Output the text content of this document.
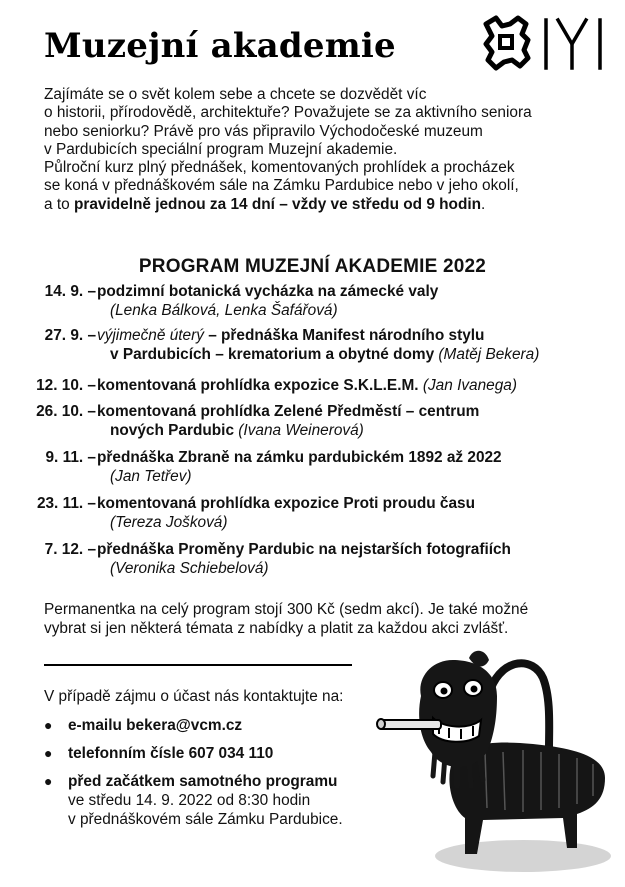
Muzejní akademie

Zajímáte se o svět kolem sebe a chcete se dozvědět víc

o historii, přírodovědě, architektuře? Považujete se za aktivního seniora

nebo seniorku? Právě pro vás připravilo Východočeské muzeum

v Pardubicích speciální program Muzejní akademie.

Půlroční kurz plný přednášek, komentovaných prohlídek a procházek

se koná v přednáškovém sále na Zámku Pardubice nebo v jeho okolí,

a to pravidelně jednou za 14 dní – vždy ve středu od 9 hodin.

PROGRAM MUZEJNÍ AKADEMIE 2022
14. 9. – podzimní botanická vycházka na zámecké valy
(Lenka Bálková, Lenka Šafářová)
27. 9. – výjimečně úterý – přednáška Manifest národního stylu
v Pardubicích – krematorium a obytné domy (Matěj Bekera)
12. 10. – komentovaná prohlídka expozice S.K.L.E.M. (Jan Ivanega)
26. 10. – komentovaná prohlídka Zelené Předměstí – centrum
nových Pardubic (Ivana Weinerová)
9. 11. – přednáška Zbraně na zámku pardubickém 1892 až 2022
(Jan Tetřev)
23. 11. – komentovaná prohlídka expozice Proti proudu času
(Tereza Jošková)
7. 12. – přednáška Proměny Pardubic na nejstarších fotografiích
(Veronika Schiebelová)

Permanentka na celý program stojí 300 Kč (sedm akcí). Je také možné

vybrat si jen některá témata z nabídky a platit za každou akci zvlášť.

V případě zájmu o účast nás kontaktujte na:
● e-mailu bekera@vcm.cz
● telefonním čísle 607 034 110
● před začátkem samotného programu
ve středu 14. 9. 2022 od 8:30 hodin
v přednáškovém sále Zámku Pardubice.
